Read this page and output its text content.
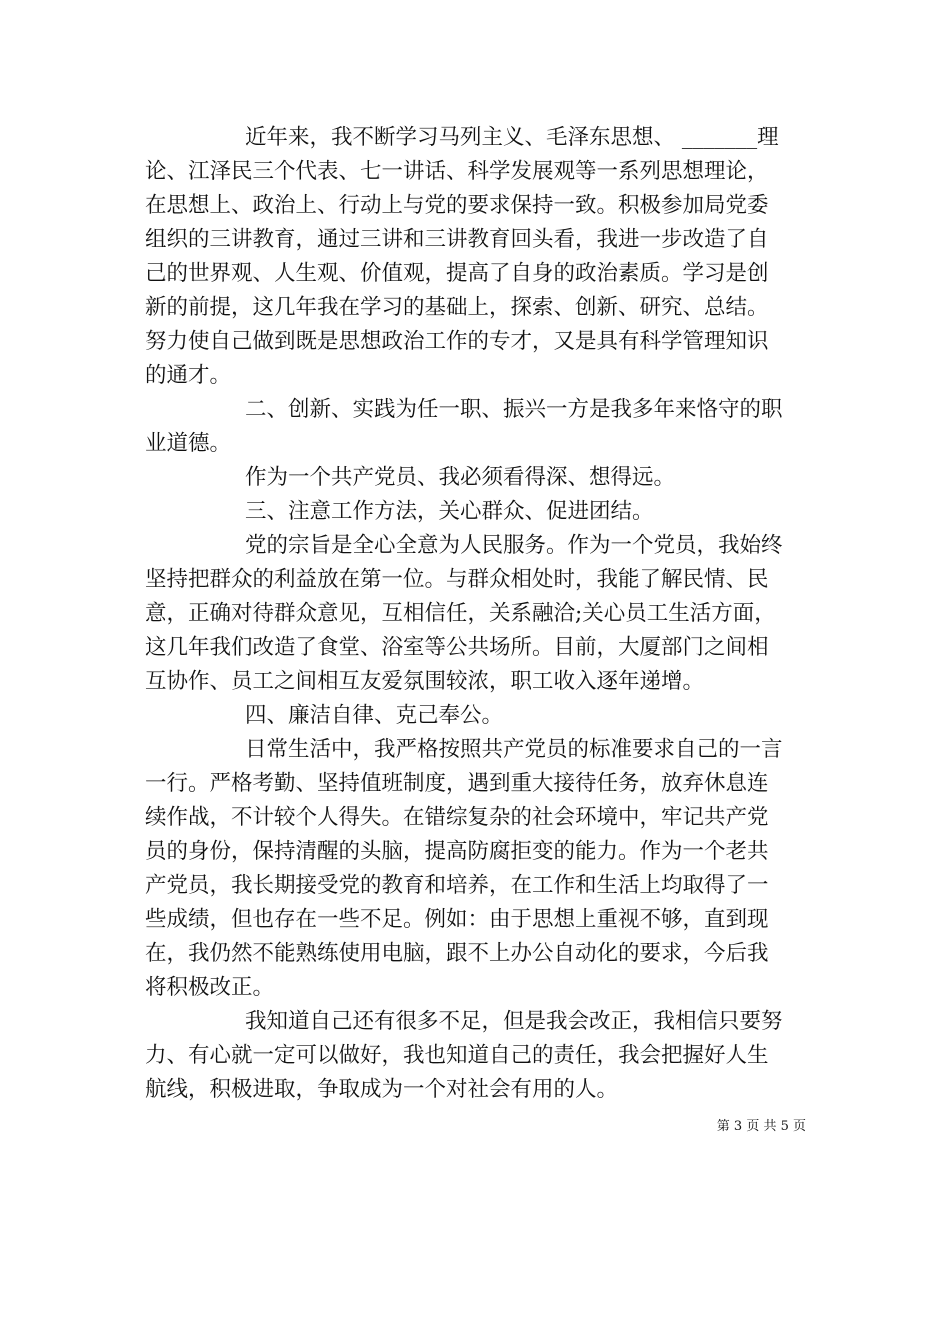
近年来，我不断学习马列主义、毛泽东思想、 _______理
论、江泽民三个代表、七一讲话、科学发展观等一系列思想理论，
在思想上、政治上、行动上与党的要求保持一致。积极参加局党委
组织的三讲教育，通过三讲和三讲教育回头看，我进一步改造了自
己的世界观、人生观、价值观，提高了自身的政治素质。学习是创
新的前提，这几年我在学习的基础上，探索、创新、研究、总结。
努力使自己做到既是思想政治工作的专才，又是具有科学管理知识
的通才。
二、创新、实践为任一职、振兴一方是我多年来恪守的职
业道德。
作为一个共产党员、我必须看得深、想得远。
三、注意工作方法，关心群众、促进团结。
党的宗旨是全心全意为人民服务。作为一个党员，我始终
坚持把群众的利益放在第一位。与群众相处时，我能了解民情、民
意，正确对待群众意见，互相信任，关系融洽;关心员工生活方面，
这几年我们改造了食堂、浴室等公共场所。目前，大厦部门之间相
互协作、员工之间相互友爱氛围较浓，职工收入逐年递增。
四、廉洁自律、克己奉公。
日常生活中，我严格按照共产党员的标准要求自己的一言
一行。严格考勤、坚持值班制度，遇到重大接待任务，放弃休息连
续作战，不计较个人得失。在错综复杂的社会环境中，牢记共产党
员的身份，保持清醒的头脑，提高防腐拒变的能力。作为一个老共
产党员，我长期接受党的教育和培养，在工作和生活上均取得了一
些成绩，但也存在一些不足。例如：由于思想上重视不够，直到现
在，我仍然不能熟练使用电脑，跟不上办公自动化的要求，今后我
将积极改正。
我知道自己还有很多不足，但是我会改正，我相信只要努
力、有心就一定可以做好，我也知道自己的责任，我会把握好人生
航线，积极进取，争取成为一个对社会有用的人。
第 3 页 共 5 页
